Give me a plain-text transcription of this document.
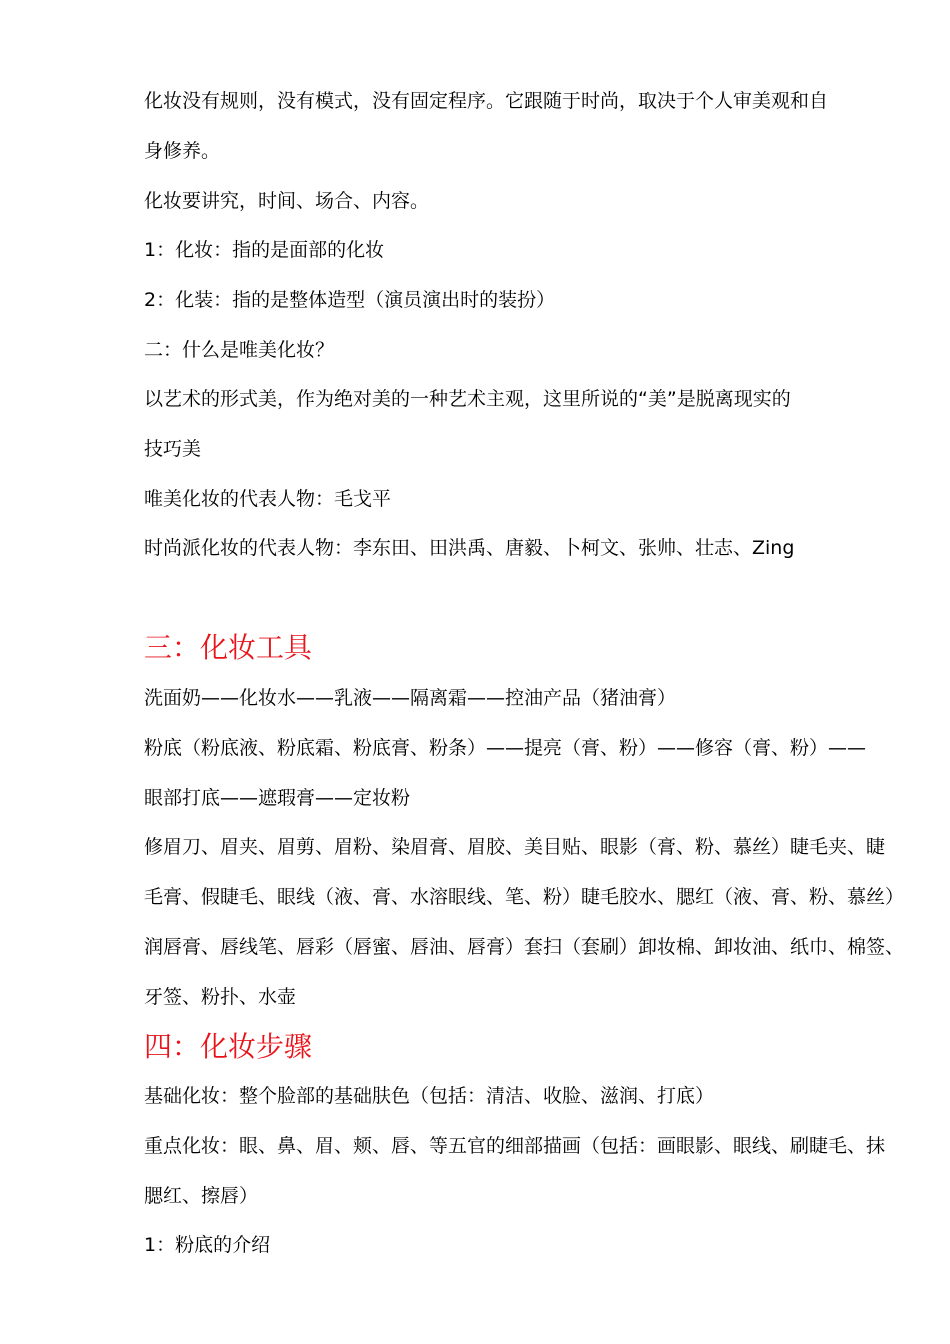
化妆没有规则，没有模式，没有固定程序。它跟随于时尚，取决于个人审美观和自
身修养。
化妆要讲究，时间、场合、内容。
1：化妆：指的是面部的化妆
2：化装：指的是整体造型（演员演出时的装扮）
二：什么是唯美化妆？
以艺术的形式美，作为绝对美的一种艺术主观，这里所说的“美”是脱离现实的
技巧美
唯美化妆的代表人物：毛戈平
时尚派化妆的代表人物：李东田、田洪禹、唐毅、卜柯文、张帅、壮志、Zing
三：化妆工具
洗面奶——化妆水——乳液——隔离霜——控油产品（猪油膏）
粉底（粉底液、粉底霜、粉底膏、粉条）——提亮（膏、粉）——修容（膏、粉）——
眼部打底——遮瑕膏——定妆粉
修眉刀、眉夹、眉剪、眉粉、染眉膏、眉胶、美目贴、眼影（膏、粉、慕丝）睫毛夹、睫
毛膏、假睫毛、眼线（液、膏、水溶眼线、笔、粉）睫毛胶水、腮红（液、膏、粉、慕丝）
润唇膏、唇线笔、唇彩（唇蜜、唇油、唇膏）套扫（套刷）卸妆棉、卸妆油、纸巾、棉签、
牙签、粉扑、水壶
四：化妆步骤
基础化妆：整个脸部的基础肤色（包括：清洁、收脸、滋润、打底）
重点化妆：眼、鼻、眉、颊、唇、等五官的细部描画（包括：画眼影、眼线、刷睫毛、抹
腮红、擦唇）
1：粉底的介绍
